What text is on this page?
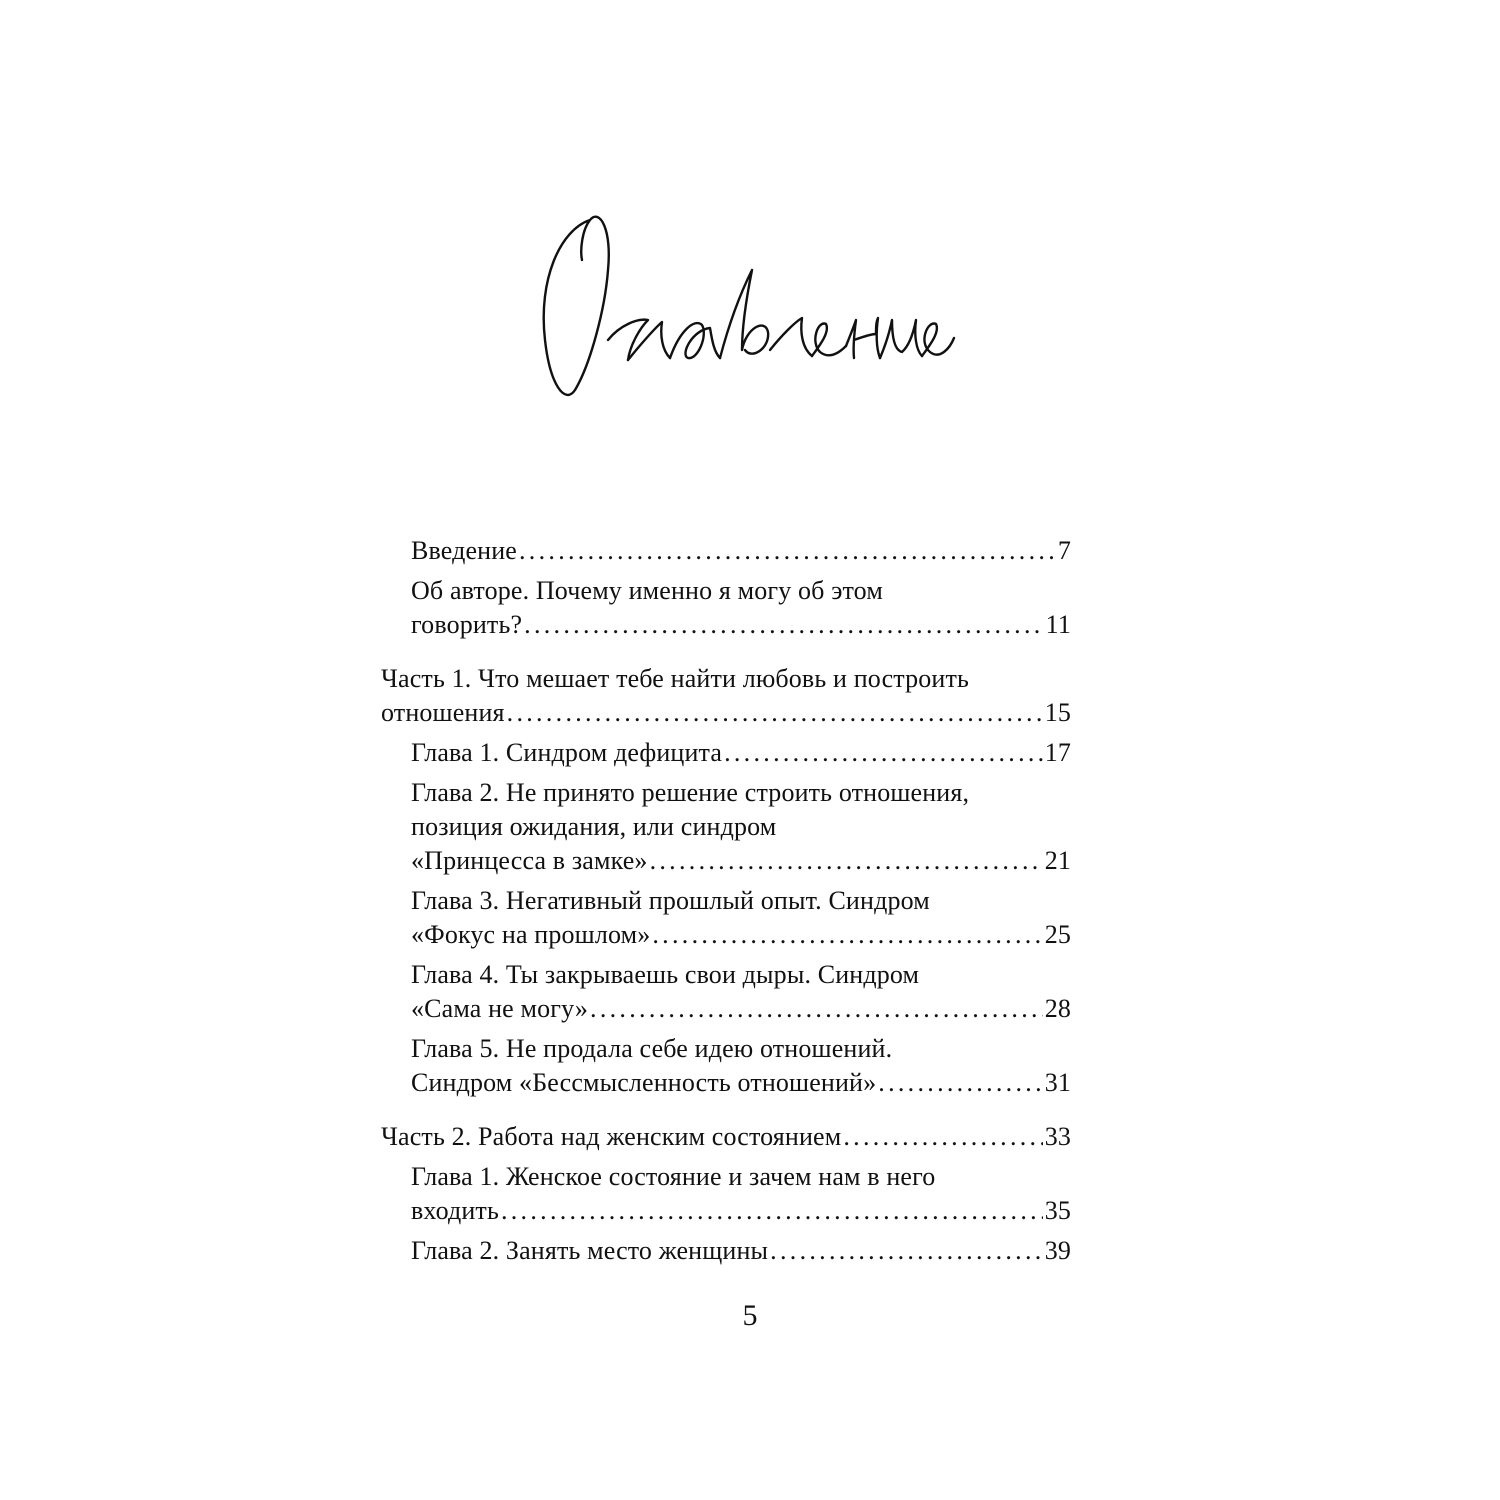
Введение . . .	7
Об авторе. Почему именно я могу об этом
говорить? . . .	11
Часть 1. Что мешает тебе найти любовь и построить
отношения . . .	15
Глава 1. Синдром дефицита . . .	17
Глава 2. Не принято решение строить отношения,
позиция ожидания, или синдром
«Принцесса в замке» . . .	21
Глава 3. Негативный прошлый опыт. Синдром
«Фокус на прошлом» . . .	25
Глава 4. Ты закрываешь свои дыры. Синдром
«Сама не могу» . . .	28
Глава 5. Не продала себе идею отношений.
Синдром «Бессмысленность отношений» . . .	31
Часть 2. Работа над женским состоянием . . .	33
Глава 1. Женское состояние и зачем нам в него
входить . . .	35
Глава 2. Занять место женщины . . .	39
5
